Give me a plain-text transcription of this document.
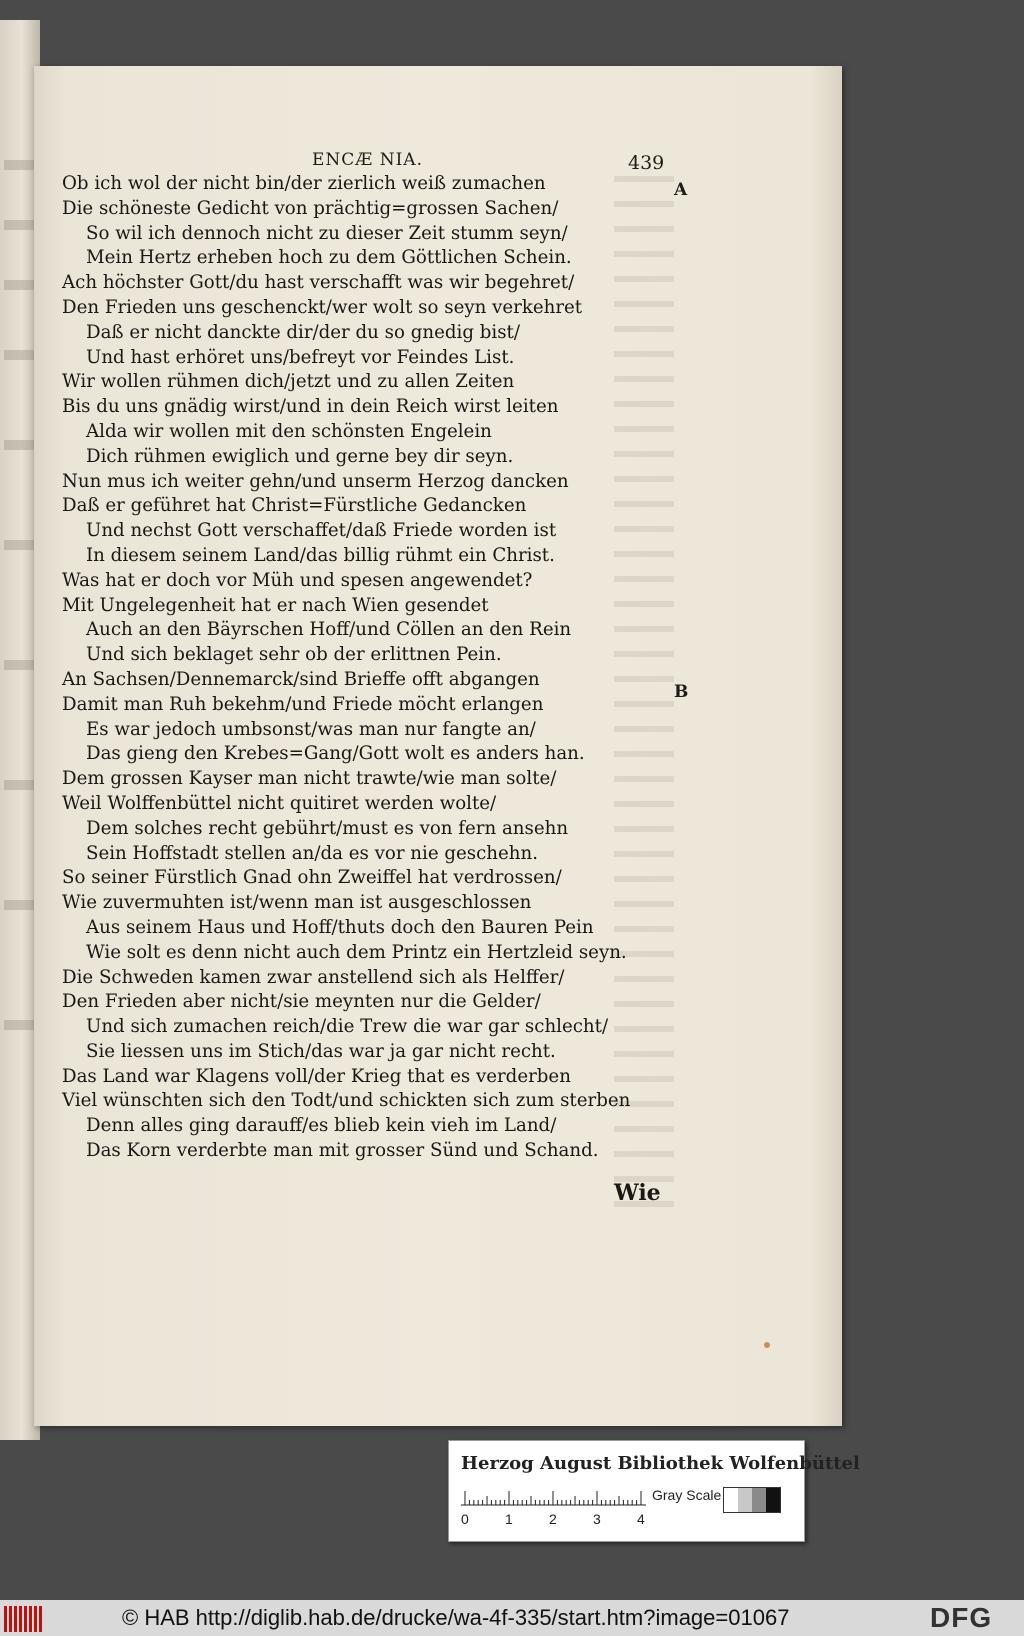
ENCÆ NIA.	439
A
B
Ob ich wol der nicht bin/der zierlich weiß zumachen
Die schöneste Gedicht von prächtig=grossen Sachen/
So wil ich dennoch nicht zu dieser Zeit stumm seyn/
Mein Hertz erheben hoch zu dem Göttlichen Schein.
Ach höchster Gott/du hast verschafft was wir begehret/
Den Frieden uns geschenckt/wer wolt so seyn verkehret
Daß er nicht danckte dir/der du so gnedig bist/
Und hast erhöret uns/befreyt vor Feindes List.
Wir wollen rühmen dich/jetzt und zu allen Zeiten
Bis du uns gnädig wirst/und in dein Reich wirst leiten
Alda wir wollen mit den schönsten Engelein
Dich rühmen ewiglich und gerne bey dir seyn.
Nun mus ich weiter gehn/und unserm Herzog dancken
Daß er geführet hat Christ=Fürstliche Gedancken
Und nechst Gott verschaffet/daß Friede worden ist
In diesem seinem Land/das billig rühmt ein Christ.
Was hat er doch vor Müh und spesen angewendet?
Mit Ungelegenheit hat er nach Wien gesendet
Auch an den Bäyrschen Hoff/und Cöllen an den Rein
Und sich beklaget sehr ob der erlittnen Pein.
An Sachsen/Dennemarck/sind Brieffe offt abgangen
Damit man Ruh bekehm/und Friede möcht erlangen
Es war jedoch umbsonst/was man nur fangte an/
Das gieng den Krebes=Gang/Gott wolt es anders han.
Dem grossen Kayser man nicht trawte/wie man solte/
Weil Wolffenbüttel nicht quitiret werden wolte/
Dem solches recht gebührt/must es von fern ansehn
Sein Hoffstadt stellen an/da es vor nie geschehn.
So seiner Fürstlich Gnad ohn Zweiffel hat verdrossen/
Wie zuvermuhten ist/wenn man ist ausgeschlossen
Aus seinem Haus und Hoff/thuts doch den Bauren Pein
Wie solt es denn nicht auch dem Printz ein Hertzleid seyn.
Die Schweden kamen zwar anstellend sich als Helffer/
Den Frieden aber nicht/sie meynten nur die Gelder/
Und sich zumachen reich/die Trew die war gar schlecht/
Sie liessen uns im Stich/das war ja gar nicht recht.
Das Land war Klagens voll/der Krieg that es verderben
Viel wünschten sich den Todt/und schickten sich zum sterben
Denn alles ging darauff/es blieb kein vieh im Land/
Das Korn verderbte man mit grosser Sünd und Schand.
Wie
Herzog August Bibliothek Wolfenbüttel
0	1	2	3	4
Gray Scale
© HAB http://diglib.hab.de/drucke/wa-4f-335/start.htm?image=01067	DFG
